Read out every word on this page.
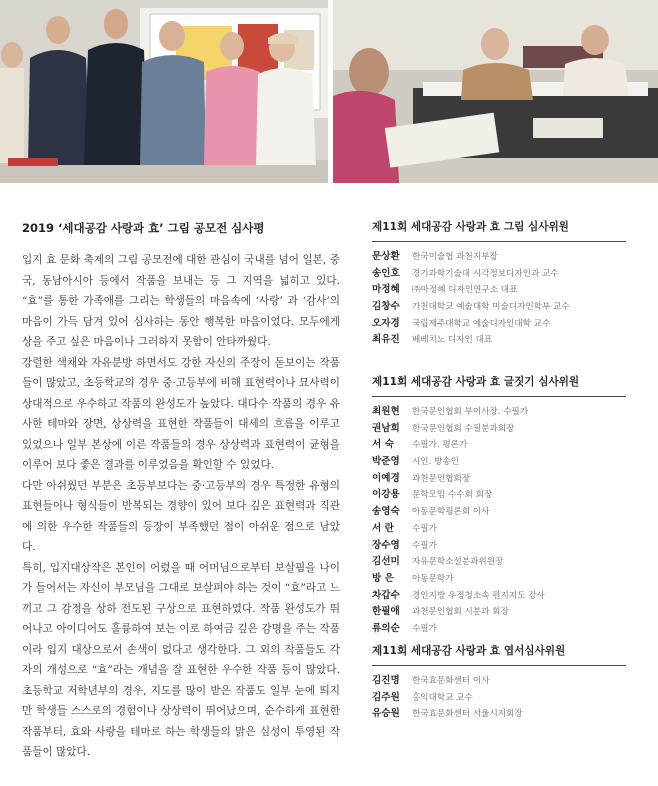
2019 ‘세대공감 사랑과 효’ 그림 공모전 심사평

입지 효 문화 축제의 그림 공모전에 대한 관심이 국내를 넘어 일본, 중국, 동남아시아 등에서 작품을 보내는 등 그 지역을 넓히고 있다. “효”를 통한 가족애를 그리는 학생들의 마음속에 ‘사랑’ 과 ‘감사’의 마음이 가득 담겨 있어 심사하는 동안 행복한 마음이었다. 모두에게 상을 주고 싶은 마음이나 그러하지 못함이 안타까웠다.

강렬한 색채와 자유분방 하면서도 강한 자신의 주장이 돋보이는 작품들이 많았고, 초등학교의 경우 중·고등부에 비해 표현력이나 묘사력이 상대적으로 우수하고 작품의 완성도가 높았다. 대다수 작품의 경우 유사한 테마와 장면, 상상력을 표현한 작품들이 대세의 흐름을 이루고 있었으나 일부 본상에 이른 작품들의 경우 상상력과 표현력이 균형을 이루어 보다 좋은 결과를 이루었음을 확인할 수 있었다.

다만 아쉬웠던 부분은 초등부보다는 중·고등부의 경우 특정한 유형의 표현들이나 형식들이 반복되는 경향이 있어 보다 깊은 표현력과 직관에 의한 우수한 작품들의 등장이 부족했던 점이 아쉬운 점으로 남았다.

특히, 입지대상작은 본인이 어렸을 때 어머님으로부터 보살핌을 나이가 들어서는 자신이 부모님을 그대로 보살펴야 하는 것이 “효”라고 느끼고 그 감정을 상하 전도된 구상으로 표현하였다. 작품 완성도가 뛰어나고 아이디어도 훌륭하여 보는 이로 하여금 깊은 감명을 주는 작품이라 입지 대상으로서 손색이 없다고 생각한다. 그 외의 작품들도 각자의 개성으로 “효”라는 개념을 잘 표현한 우수한 작품 등이 많았다. 초등학교 저학년부의 경우, 지도를 많이 받은 작품도 일부 눈에 띄지만 학생들 스스로의 경험이나 상상력이 뛰어났으며, 순수하게 표현한 작품부터, 효와 사랑을 테마로 하는 학생들의 맑은 심성이 투영된 작품들이 많았다.

제11회 세대공감 사랑과 효 그림 심사위원
문상환	한국미술협 과천지부장
송인호	경기과학기술대 시각정보디자인과 교수
마정혜	㈜마정혜 디자인연구소 대표
김창수	가천대학교 예술대학 미술디자인학부 교수
오자경	국립제주대학교 예술디자인대학 교수
최유진	베베치노 디자인 대표
제11회 세대공감 사랑과 효 글짓기 심사위원
최원현	한국문인협회 부이사장. 수필가
권남희	한국문인협회 수필분과회장
서 숙	수필가. 평론가
박준영	시인. 방송인
이예경	과천문인협회장
이강용	문학모임 수수회 회장
송영숙	아동문학평론회 이사
서 란	수필가
장수영	수필가
김선미	자유문학소설분과위원장
방 은	아동문학가
차갑수	경인지방 우정청소속 편지지도 강사
한필애	과천문인협회 시분과 회장
류의순	수필가
제11회 세대공감 사랑과 효 엽서심사위원
김진명	한국효문화센터 이사
김주원	홍익대학교 교수
유승원	한국효문화센터 서울시지회장
